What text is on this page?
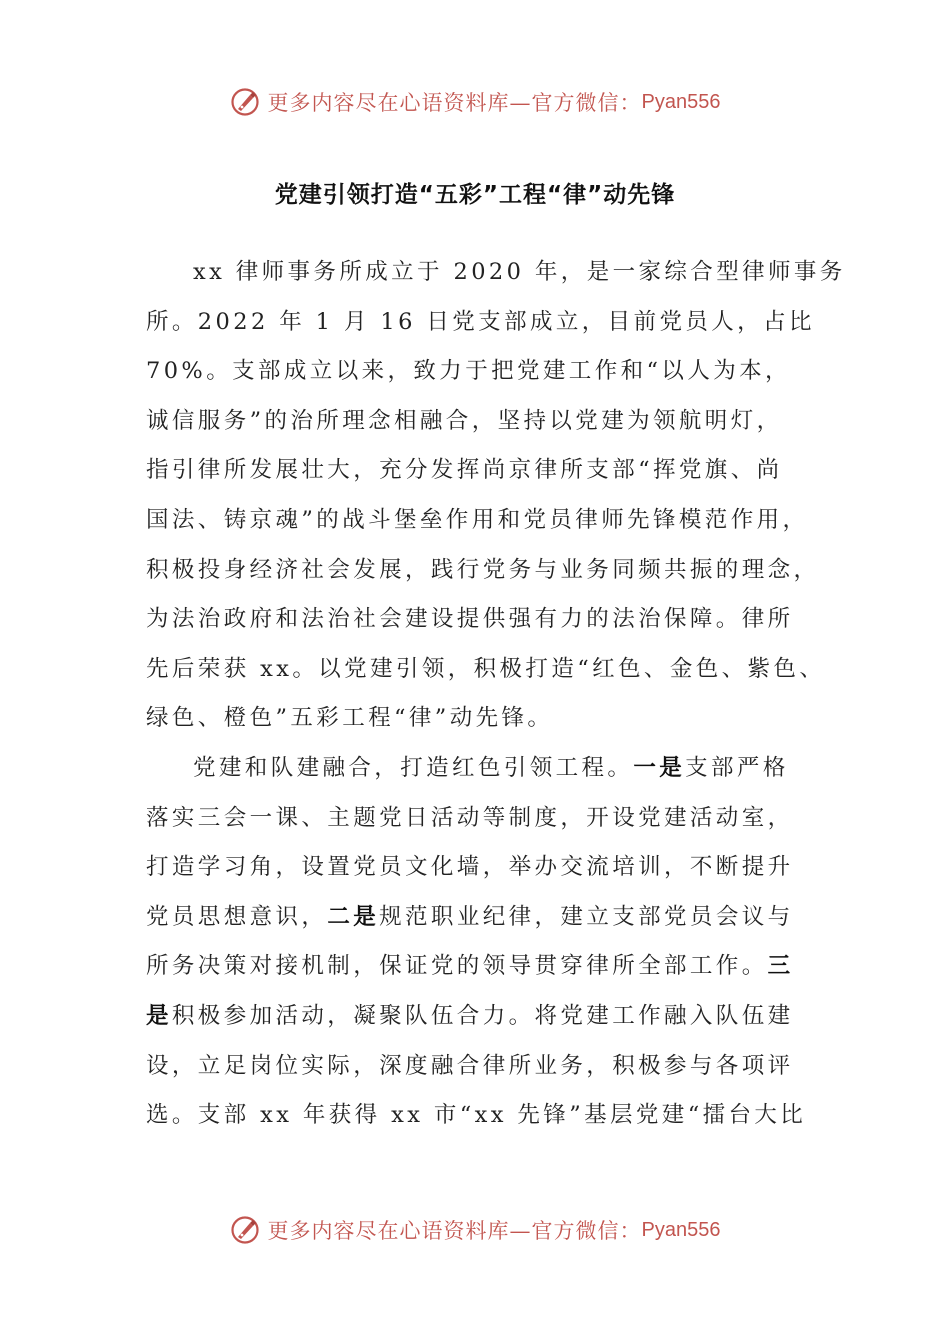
更多内容尽在心语资料库—官方微信： Pyan556
党建引领打造“五彩”工程“律”动先锋
xx 律师事务所成立于 2020 年，是一家综合型律师事务
所。2022 年 1 月 16 日党支部成立，目前党员人，占比
70%。支部成立以来，致力于把党建工作和“以人为本，
诚信服务”的治所理念相融合，坚持以党建为领航明灯，
指引律所发展壮大，充分发挥尚京律所支部“挥党旗、尚
国法、铸京魂”的战斗堡垒作用和党员律师先锋模范作用，
积极投身经济社会发展，践行党务与业务同频共振的理念，
为法治政府和法治社会建设提供强有力的法治保障。律所
先后荣获 xx。以党建引领，积极打造“红色、金色、紫色、
绿色、橙色”五彩工程“律”动先锋。
党建和队建融合，打造红色引领工程。一是支部严格
落实三会一课、主题党日活动等制度，开设党建活动室，
打造学习角，设置党员文化墙，举办交流培训，不断提升
党员思想意识，二是规范职业纪律，建立支部党员会议与
所务决策对接机制，保证党的领导贯穿律所全部工作。三
是积极参加活动，凝聚队伍合力。将党建工作融入队伍建
设，立足岗位实际，深度融合律所业务，积极参与各项评
选。支部 xx 年获得 xx 市“xx 先锋”基层党建“擂台大比
更多内容尽在心语资料库—官方微信： Pyan556
